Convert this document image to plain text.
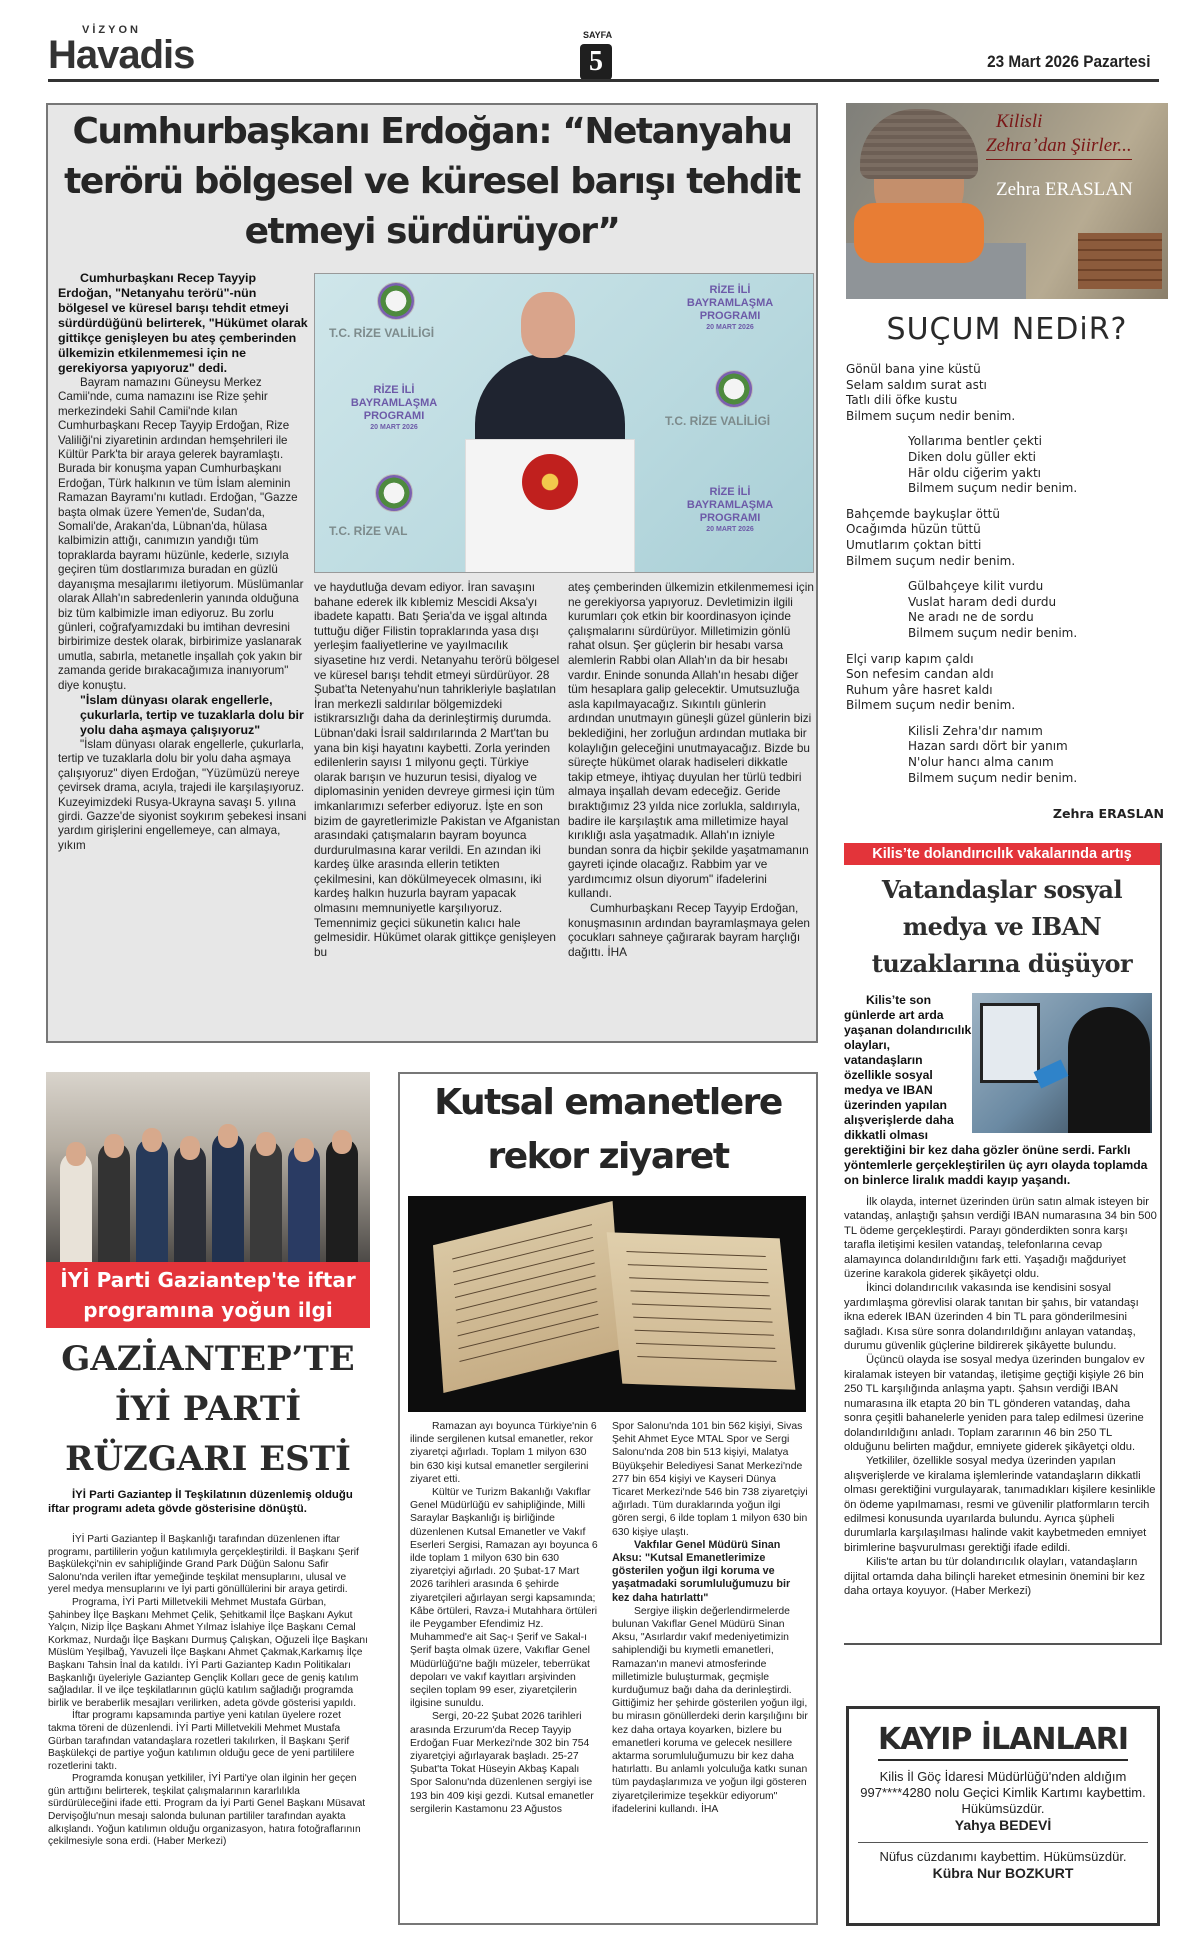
VİZYON
Havadis	SAYFA
5	23 Mart 2026 Pazartesi
Cumhurbaşkanı Erdoğan: “Netanyahu terörü bölgesel ve küresel barışı tehdit etmeyi sürdürüyor”

Cumhurbaşkanı Recep Tayyip Erdoğan, "Netanyahu terörü"-nün bölgesel ve küresel barışı tehdit etmeyi sürdürdüğünü belirterek, "Hükümet olarak gittikçe genişleyen bu ateş çemberinden ülkemizin etkilenmemesi için ne gerekiyorsa yapıyoruz" dedi.

Bayram namazını Güneysu Merkez Camii'nde, cuma namazını ise Rize şehir merkezindeki Sahil Camii'nde kılan Cumhurbaşkanı Recep Tayyip Erdoğan, Rize Valiliği'ni ziyaretinin ardından hemşehrileri ile Kültür Park'ta bir araya gelerek bayramlaştı. Burada bir konuşma yapan Cumhurbaşkanı Erdoğan, Türk halkının ve tüm İslam aleminin Ramazan Bayramı'nı kutladı. Erdoğan, "Gazze başta olmak üzere Yemen'de, Sudan'da, Somali'de, Arakan'da, Lübnan'da, hülasa kalbimizin attığı, canımızın yandığı tüm topraklarda bayramı hüzünle, kederle, sızıyla geçiren tüm dostlarımıza buradan en güzlü dayanışma mesajlarımı iletiyorum. Müslümanlar olarak Allah'ın sabredenlerin yanında olduğuna biz tüm kalbimizle iman ediyoruz. Bu zorlu günleri, coğrafyamızdaki bu imtihan devresini birbirimize destek olarak, birbirimize yaslanarak umutla, sabırla, metanetle inşallah çok yakın bir zamanda geride bırakacağımıza inanıyorum" diye konuştu.

"İslam dünyası olarak engellerle, çukurlarla, tertip ve tuzaklarla dolu bir yolu daha aşmaya çalışıyoruz"

"İslam dünyası olarak engellerle, çukurlarla, tertip ve tuzaklarla dolu bir yolu daha aşmaya çalışıyoruz" diyen Erdoğan, "Yüzümüzü nereye çevirsek drama, acıyla, trajedi ile karşılaşıyoruz. Kuzeyimizdeki Rusya-Ukrayna savaşı 5. yılına girdi. Gazze'de siyonist soykırım şebekesi insani yardım girişlerini engellemeye, can almaya, yıkım

T.C. RİZE VALİLİGİ
RİZE İLİ
BAYRAMLAŞMA
PROGRAMI
20 MART 2026
RİZE İLİ
BAYRAMLAŞMA
PROGRAMI
20 MART 2026	T.C. RİZE VALİLİGİ
T.C. RİZE VAL
RİZE İLİ
BAYRAMLAŞMA
PROGRAMI
20 MART 2026

ve haydutluğa devam ediyor. İran savaşını bahane ederek ilk kıblemiz Mescidi Aksa'yı ibadete kapattı. Batı Şeria'da ve işgal altında tuttuğu diğer Filistin topraklarında yasa dışı yerleşim faaliyetlerine ve yayılmacılık siyasetine hız verdi. Netanyahu terörü bölgesel ve küresel barışı tehdit etmeyi sürdürüyor. 28 Şubat'ta Netenyahu'nun tahrikleriyle başlatılan İran merkezli saldırılar bölgemizdeki istikrarsızlığı daha da derinleştirmiş durumda. Lübnan'daki İsrail saldırılarında 2 Mart'tan bu yana bin kişi hayatını kaybetti. Zorla yerinden edilenlerin sayısı 1 milyonu geçti. Türkiye olarak barışın ve huzurun tesisi, diyalog ve diplomasinin yeniden devreye girmesi için tüm imkanlarımızı seferber ediyoruz. İşte en son bizim de gayretlerimizle Pakistan ve Afganistan arasındaki çatışmaların bayram boyunca durdurulmasına karar verildi. En azından iki kardeş ülke arasında ellerin tetikten çekilmesini, kan dökülmeyecek olmasını, iki kardeş halkın huzurla bayram yapacak olmasını memnuniyetle karşılıyoruz. Temennimiz geçici sükunetin kalıcı hale gelmesidir. Hükümet olarak gittikçe genişleyen bu

ateş çemberinden ülkemizin etkilenmemesi için ne gerekiyorsa yapıyoruz. Devletimizin ilgili kurumları çok etkin bir koordinasyon içinde çalışmalarını sürdürüyor. Milletimizin gönlü rahat olsun. Şer güçlerin bir hesabı varsa alemlerin Rabbi olan Allah'ın da bir hesabı vardır. Eninde sonunda Allah'ın hesabı diğer tüm hesaplara galip gelecektir. Umutsuzluğa asla kapılmayacağız. Sıkıntılı günlerin ardından unutmayın güneşli güzel günlerin bizi beklediğini, her zorluğun ardından mutlaka bir kolaylığın geleceğini unutmayacağız. Bizde bu süreçte hükümet olarak hadiseleri dikkatle takip etmeye, ihtiyaç duyulan her türlü tedbiri almaya inşallah devam edeceğiz. Geride bıraktığımız 23 yılda nice zorlukla, saldırıyla, badire ile karşılaştık ama milletimize hayal kırıklığı asla yaşatmadık. Allah'ın izniyle bundan sonra da hiçbir şekilde yaşatmamanın gayreti içinde olacağız. Rabbim yar ve yardımcımız olsun diyorum" ifadelerini kullandı.

Cumhurbaşkanı Recep Tayyip Erdoğan, konuşmasının ardından bayramlaşmaya gelen çocukları sahneye çağırarak bayram harçlığı dağıttı. İHA

Kilisli
Zehra’dan Şiirler...
Zehra ERASLAN
SUÇUM NEDiR?
Gönül bana yine küstü
Selam saldım surat astı
Tatlı dili öfke kustu
Bilmem suçum nedir benim.
Yollarıma bentler çekti
Diken dolu güller ekti
Hār oldu ciğerim yaktı
Bilmem suçum nedir benim.
Bahçemde baykuşlar öttü
Ocağımda hüzün tüttü
Umutlarım çoktan bitti
Bilmem suçum nedir benim.
Gülbahçeye kilit vurdu
Vuslat haram dedi durdu
Ne aradı ne de sordu
Bilmem suçum nedir benim.
Elçi varıp kapım çaldı
Son nefesim candan aldı
Ruhum yâre hasret kaldı
Bilmem suçum nedir benim.
Kilisli Zehra'dır namım
Hazan sardı dört bir yanım
N'olur hancı alma canım
Bilmem suçum nedir benim.
Zehra ERASLAN
Kilis’te dolandırıcılık vakalarında artış
Vatandaşlar sosyal medya ve IBAN tuzaklarına düşüyor

Kilis’te son günlerde art arda yaşanan dolandırıcılık olayları, vatandaşların özellikle sosyal medya ve IBAN üzerinden yapılan alışverişlerde daha dikkatli olması gerektiğini bir kez daha gözler önüne serdi. Farklı yöntemlerle gerçekleştirilen üç ayrı olayda toplamda on binlerce liralık maddi kayıp yaşandı.

İlk olayda, internet üzerinden ürün satın almak isteyen bir vatandaş, anlaştığı şahsın verdiği IBAN numarasına 34 bin 500 TL ödeme gerçekleştirdi. Parayı gönderdikten sonra karşı tarafla iletişimi kesilen vatandaş, telefonlarına cevap alamayınca dolandırıldığını fark etti. Yaşadığı mağduriyet üzerine karakola giderek şikâyetçi oldu.

İkinci dolandırıcılık vakasında ise kendisini sosyal yardımlaşma görevlisi olarak tanıtan bir şahıs, bir vatandaşı ikna ederek IBAN üzerinden 4 bin TL para gönderilmesini sağladı. Kısa süre sonra dolandırıldığını anlayan vatandaş, durumu güvenlik güçlerine bildirerek şikâyette bulundu.

Üçüncü olayda ise sosyal medya üzerinden bungalov ev kiralamak isteyen bir vatandaş, iletişime geçtiği kişiyle 26 bin 250 TL karşılığında anlaşma yaptı. Şahsın verdiği IBAN numarasına ilk etapta 20 bin TL gönderen vatandaş, daha sonra çeşitli bahanelerle yeniden para talep edilmesi üzerine dolandırıldığını anladı. Toplam zararının 46 bin 250 TL olduğunu belirten mağdur, emniyete giderek şikâyetçi oldu.

Yetkililer, özellikle sosyal medya üzerinden yapılan alışverişlerde ve kiralama işlemlerinde vatandaşların dikkatli olması gerektiğini vurgulayarak, tanımadıkları kişilere kesinlikle ön ödeme yapılmaması, resmi ve güvenilir platformların tercih edilmesi konusunda uyarılarda bulundu. Ayrıca şüpheli durumlarla karşılaşılması halinde vakit kaybetmeden emniyet birimlerine başvurulması gerektiği ifade edildi.

Kilis'te artan bu tür dolandırıcılık olayları, vatandaşların dijital ortamda daha bilinçli hareket etmesinin önemini bir kez daha ortaya koyuyor. (Haber Merkezi)

KAYIP İLANLARI
Kilis İl Göç İdaresi Müdürlüğü'nden aldığım 997****4280 nolu Geçici Kimlik Kartımı kaybettim. Hükümsüzdür.
Yahya BEDEVİ
Nüfus cüzdanımı kaybettim. Hükümsüzdür.
Kübra Nur BOZKURT
İYİ Parti Gaziantep'te iftar
programına yoğun ilgi
GAZİANTEP’TE
İYİ PARTİ
RÜZGARI ESTİ
İYİ Parti Gaziantep İl Teşkilatının düzenlemiş olduğu iftar programı adeta gövde gösterisine dönüştü.

İYİ Parti Gaziantep İl Başkanlığı tarafından düzenlenen iftar programı, partililerin yoğun katılımıyla gerçekleştirildi. İl Başkanı Şerif Başkülekçi'nin ev sahipliğinde Grand Park Düğün Salonu Safir Salonu'nda verilen iftar yemeğinde teşkilat mensuplarını, ulusal ve yerel medya mensuplarını ve İyi parti gönüllülerini bir araya getirdi.

Programa, İYİ Parti Milletvekili Mehmet Mustafa Gürban, Şahinbey İlçe Başkanı Mehmet Çelik, Şehitkamil İlçe Başkanı Aykut Yalçın, Nizip İlçe Başkanı Ahmet Yılmaz İslahiye İlçe Başkanı Cemal Korkmaz, Nurdağı İlçe Başkanı Durmuş Çalışkan, Oğuzeli İlçe Başkanı Müslüm Yeşilbağ, Yavuzeli İlçe Başkanı Ahmet Çakmak,Karkamış İlçe Başkanı Tahsin İnal da katıldı. İYİ Parti Gaziantep Kadın Politikaları Başkanlığı üyeleriyle Gaziantep Gençlik Kolları gece de geniş katılım sağladılar. İl ve ilçe teşkilatlarının güçlü katılım sağladığı programda birlik ve beraberlik mesajları verilirken, adeta gövde gösterisi yapıldı.

İftar programı kapsamında partiye yeni katılan üyelere rozet takma töreni de düzenlendi. İYİ Parti Milletvekili Mehmet Mustafa Gürban tarafından vatandaşlara rozetleri takılırken, İl Başkanı Şerif Başkülekçi de partiye yoğun katılımın olduğu gece de yeni partililere rozetlerini taktı.

Programda konuşan yetkililer, İYİ Parti'ye olan ilginin her geçen gün arttığını belirterek, teşkilat çalışmalarının kararlılıkla sürdürüleceğini ifade etti. Program da İyi Parti Genel Başkanı Müsavat Dervişoğlu'nun mesajı salonda bulunan partililer tarafından ayakta alkışlandı. Yoğun katılımın olduğu organizasyon, hatıra fotoğraflarının çekilmesiyle sona erdi. (Haber Merkezi)

Kutsal emanetlere rekor ziyaret

Ramazan ayı boyunca Türkiye'nin 6 ilinde sergilenen kutsal emanetler, rekor ziyaretçi ağırladı. Toplam 1 milyon 630 bin 630 kişi kutsal emanetler sergilerini ziyaret etti.

Kültür ve Turizm Bakanlığı Vakıflar Genel Müdürlüğü ev sahipliğinde, Milli Saraylar Başkanlığı iş birliğinde düzenlenen Kutsal Emanetler ve Vakıf Eserleri Sergisi, Ramazan ayı boyunca 6 ilde toplam 1 milyon 630 bin 630 ziyaretçiyi ağırladı. 20 Şubat-17 Mart 2026 tarihleri arasında 6 şehirde ziyaretçileri ağırlayan sergi kapsamında; Kâbe örtüleri, Ravza-i Mutahhara örtüleri ile Peygamber Efendimiz Hz. Muhammed'e ait Saç-ı Şerif ve Sakal-ı Şerif başta olmak üzere, Vakıflar Genel Müdürlüğü'ne bağlı müzeler, teberrükat depoları ve vakıf kayıtları arşivinden seçilen toplam 99 eser, ziyaretçilerin ilgisine sunuldu.

Sergi, 20-22 Şubat 2026 tarihleri arasında Erzurum'da Recep Tayyip Erdoğan Fuar Merkezi'nde 302 bin 754 ziyaretçiyi ağırlayarak başladı. 25-27 Şubat'ta Tokat Hüseyin Akbaş Kapalı Spor Salonu'nda düzenlenen sergiyi ise 193 bin 409 kişi gezdi. Kutsal emanetler sergilerin Kastamonu 23 Ağustos

Spor Salonu'nda 101 bin 562 kişiyi, Sivas Şehit Ahmet Eyce MTAL Spor ve Sergi Salonu'nda 208 bin 513 kişiyi, Malatya Büyükşehir Belediyesi Sanat Merkezi'nde 277 bin 654 kişiyi ve Kayseri Dünya Ticaret Merkezi'nde 546 bin 738 ziyaretçiyi ağırladı. Tüm duraklarında yoğun ilgi gören sergi, 6 ilde toplam 1 milyon 630 bin 630 kişiye ulaştı.

Vakfılar Genel Müdürü Sinan Aksu: "Kutsal Emanetlerimize gösterilen yoğun ilgi koruma ve yaşatmadaki sorumluluğumuzu bir kez daha hatırlattı"

Sergiye ilişkin değerlendirmelerde bulunan Vakıflar Genel Müdürü Sinan Aksu, "Asırlardır vakıf medeniyetimizin sahiplendiği bu kıymetli emanetleri, Ramazan'ın manevi atmosferinde milletimizle buluşturmak, geçmişle kurduğumuz bağı daha da derinleştirdi. Gittiğimiz her şehirde gösterilen yoğun ilgi, bu mirasın gönüllerdeki derin karşılığını bir kez daha ortaya koyarken, bizlere bu emanetleri koruma ve gelecek nesillere aktarma sorumluluğumuzu bir kez daha hatırlattı. Bu anlamlı yolculuğa katkı sunan tüm paydaşlarımıza ve yoğun ilgi gösteren ziyaretçilerimize teşekkür ediyorum" ifadelerini kullandı. İHA
